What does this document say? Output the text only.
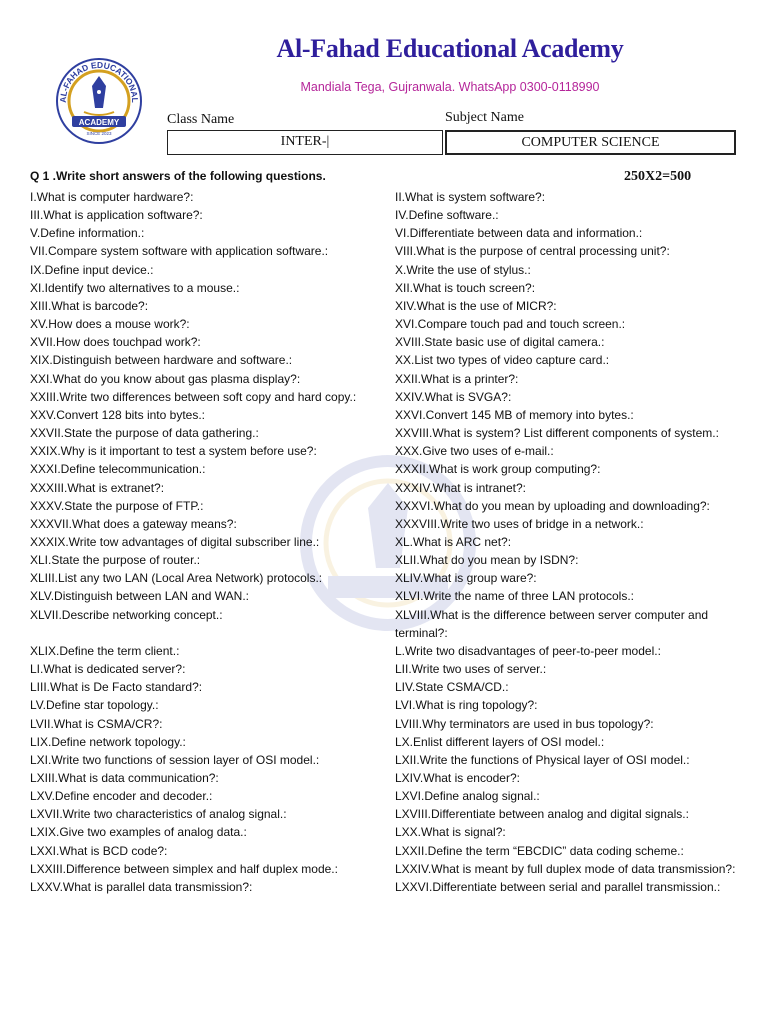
AL-FAHAD EDUCATIONAL
ACADEMY
SINCE 2023
Al-Fahad Educational Academy
Mandiala Tega, Gujranwala. WhatsApp 0300-0118990
Class Name	Subject Name
INTER-|	COMPUTER SCIENCE
Q 1 .Write short answers of the following questions.	250X2=500
I.What is computer hardware?:	II.What is system software?:
III.What is application software?:	IV.Define software.:
V.Define information.:	VI.Differentiate between data and information.:
VII.Compare system software with application software.:	VIII.What is the purpose of central processing unit?:
IX.Define input device.:	X.Write the use of stylus.:
XI.Identify two alternatives to a mouse.:	XII.What is touch screen?:
XIII.What is barcode?:	XIV.What is the use of MICR?:
XV.How does a mouse work?:	XVI.Compare touch pad and touch screen.:
XVII.How does touchpad work?:	XVIII.State basic use of digital camera.:
XIX.Distinguish between hardware and software.:	XX.List two types of video capture card.:
XXI.What do you know about gas plasma display?:	XXII.What is a printer?:
XXIII.Write two differences between soft copy and hard copy.:	XXIV.What is SVGA?:
XXV.Convert 128 bits into bytes.:	XXVI.Convert 145 MB of memory into bytes.:
XXVII.State the purpose of data gathering.:	XXVIII.What is system? List different components of system.:
XXIX.Why is it important to test a system before use?:	XXX.Give two uses of e-mail.:
XXXI.Define telecommunication.:	XXXII.What is work group computing?:
XXXIII.What is extranet?:	XXXIV.What is intranet?:
XXXV.State the purpose of FTP.:	XXXVI.What do you mean by uploading and downloading?:
XXXVII.What does a gateway means?:	XXXVIII.Write two uses of bridge in a network.:
XXXIX.Write tow advantages of digital subscriber line.:	XL.What is ARC net?:
XLI.State the purpose of router.:	XLII.What do you mean by ISDN?:
XLIII.List any two LAN (Local Area Network) protocols.:	XLIV.What is group ware?:
XLV.Distinguish between LAN and WAN.:	XLVI.Write the name of three LAN protocols.:
XLVII.Describe networking concept.:	XLVIII.What is the difference between server computer and terminal?:
XLIX.Define the term client.:	L.Write two disadvantages of peer-to-peer model.:
LI.What is dedicated server?:	LII.Write two uses of server.:
LIII.What is De Facto standard?:	LIV.State CSMA/CD.:
LV.Define star topology.:	LVI.What is ring topology?:
LVII.What is CSMA/CR?:	LVIII.Why terminators are used in bus topology?:
LIX.Define network topology.:	LX.Enlist different layers of OSI model.:
LXI.Write two functions of session layer of OSI model.:	LXII.Write the functions of Physical layer of OSI model.:
LXIII.What is data communication?:	LXIV.What is encoder?:
LXV.Define encoder and decoder.:	LXVI.Define analog signal.:
LXVII.Write two characteristics of analog signal.:	LXVIII.Differentiate between analog and digital signals.:
LXIX.Give two examples of analog data.:	LXX.What is signal?:
LXXI.What is BCD code?:	LXXII.Define the term “EBCDIC” data coding scheme.:
LXXIII.Difference between simplex and half duplex mode.:	LXXIV.What is meant by full duplex mode of data transmission?:
LXXV.What is parallel data transmission?:	LXXVI.Differentiate between serial and parallel transmission.:
